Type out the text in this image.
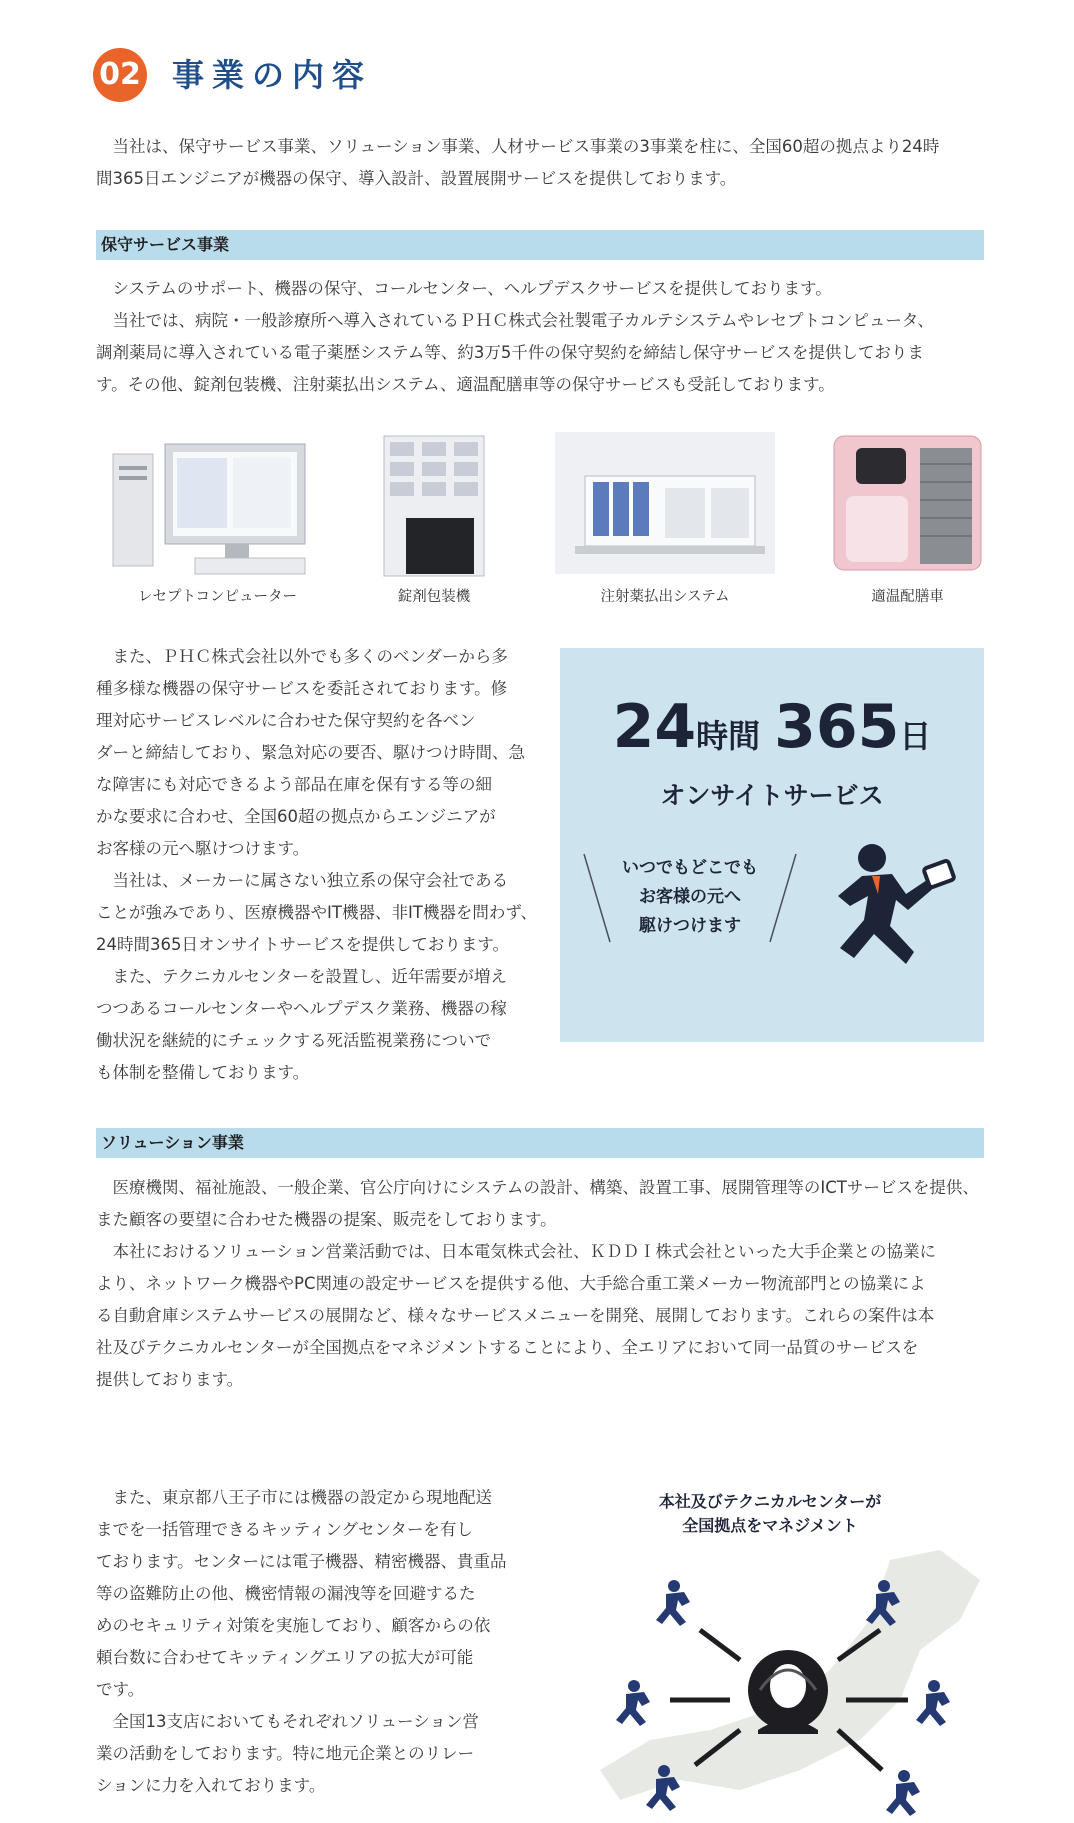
02 事業の内容

当社は、保守サービス事業、ソリューション事業、人材サービス事業の3事業を柱に、全国60超の拠点より24時

間365日エンジニアが機器の保守、導入設計、設置展開サービスを提供しております。

保守サービス事業

システムのサポート、機器の保守、コールセンター、ヘルプデスクサービスを提供しております。

当社では、病院・一般診療所へ導入されているＰＨＣ株式会社製電子カルテシステムやレセプトコンピュータ、

調剤薬局に導入されている電子薬歴システム等、約3万5千件の保守契約を締結し保守サービスを提供しておりま

す。その他、錠剤包装機、注射薬払出システム、適温配膳車等の保守サービスも受託しております。

レセプトコンピューター	錠剤包装機	注射薬払出システム	適温配膳車

また、ＰＨＣ株式会社以外でも多くのベンダーから多

種多様な機器の保守サービスを委託されております。修

理対応サービスレベルに合わせた保守契約を各ベン

ダーと締結しており、緊急対応の要否、駆けつけ時間、急

な障害にも対応できるよう部品在庫を保有する等の細

かな要求に合わせ、全国60超の拠点からエンジニアが

お客様の元へ駆けつけます。

当社は、メーカーに属さない独立系の保守会社である

ことが強みであり、医療機器やIT機器、非IT機器を問わず、

24時間365日オンサイトサービスを提供しております。

また、テクニカルセンターを設置し、近年需要が増え

つつあるコールセンターやヘルプデスク業務、機器の稼

働状況を継続的にチェックする死活監視業務についで

も体制を整備しております。

24時間 365日
オンサイトサービス
いつでもどこでも
お客様の元へ
駆けつけます
ソリューション事業

医療機関、福祉施設、一般企業、官公庁向けにシステムの設計、構築、設置工事、展開管理等のICTサービスを提供、

また顧客の要望に合わせた機器の提案、販売をしております。

本社におけるソリューション営業活動では、日本電気株式会社、ＫＤＤＩ株式会社といった大手企業との協業に

より、ネットワーク機器やPC関連の設定サービスを提供する他、大手総合重工業メーカー物流部門との協業によ

る自動倉庫システムサービスの展開など、様々なサービスメニューを開発、展開しております。これらの案件は本

社及びテクニカルセンターが全国拠点をマネジメントすることにより、全エリアにおいて同一品質のサービスを

提供しております。

また、東京都八王子市には機器の設定から現地配送

までを一括管理できるキッティングセンターを有し

ております。センターには電子機器、精密機器、貴重品

等の盗難防止の他、機密情報の漏洩等を回避するた

めのセキュリティ対策を実施しており、顧客からの依

頼台数に合わせてキッティングエリアの拡大が可能

です。

全国13支店においてもそれぞれソリューション営

業の活動をしております。特に地元企業とのリレー

ションに力を入れております。

本社及びテクニカルセンターが
全国拠点をマネジメント
